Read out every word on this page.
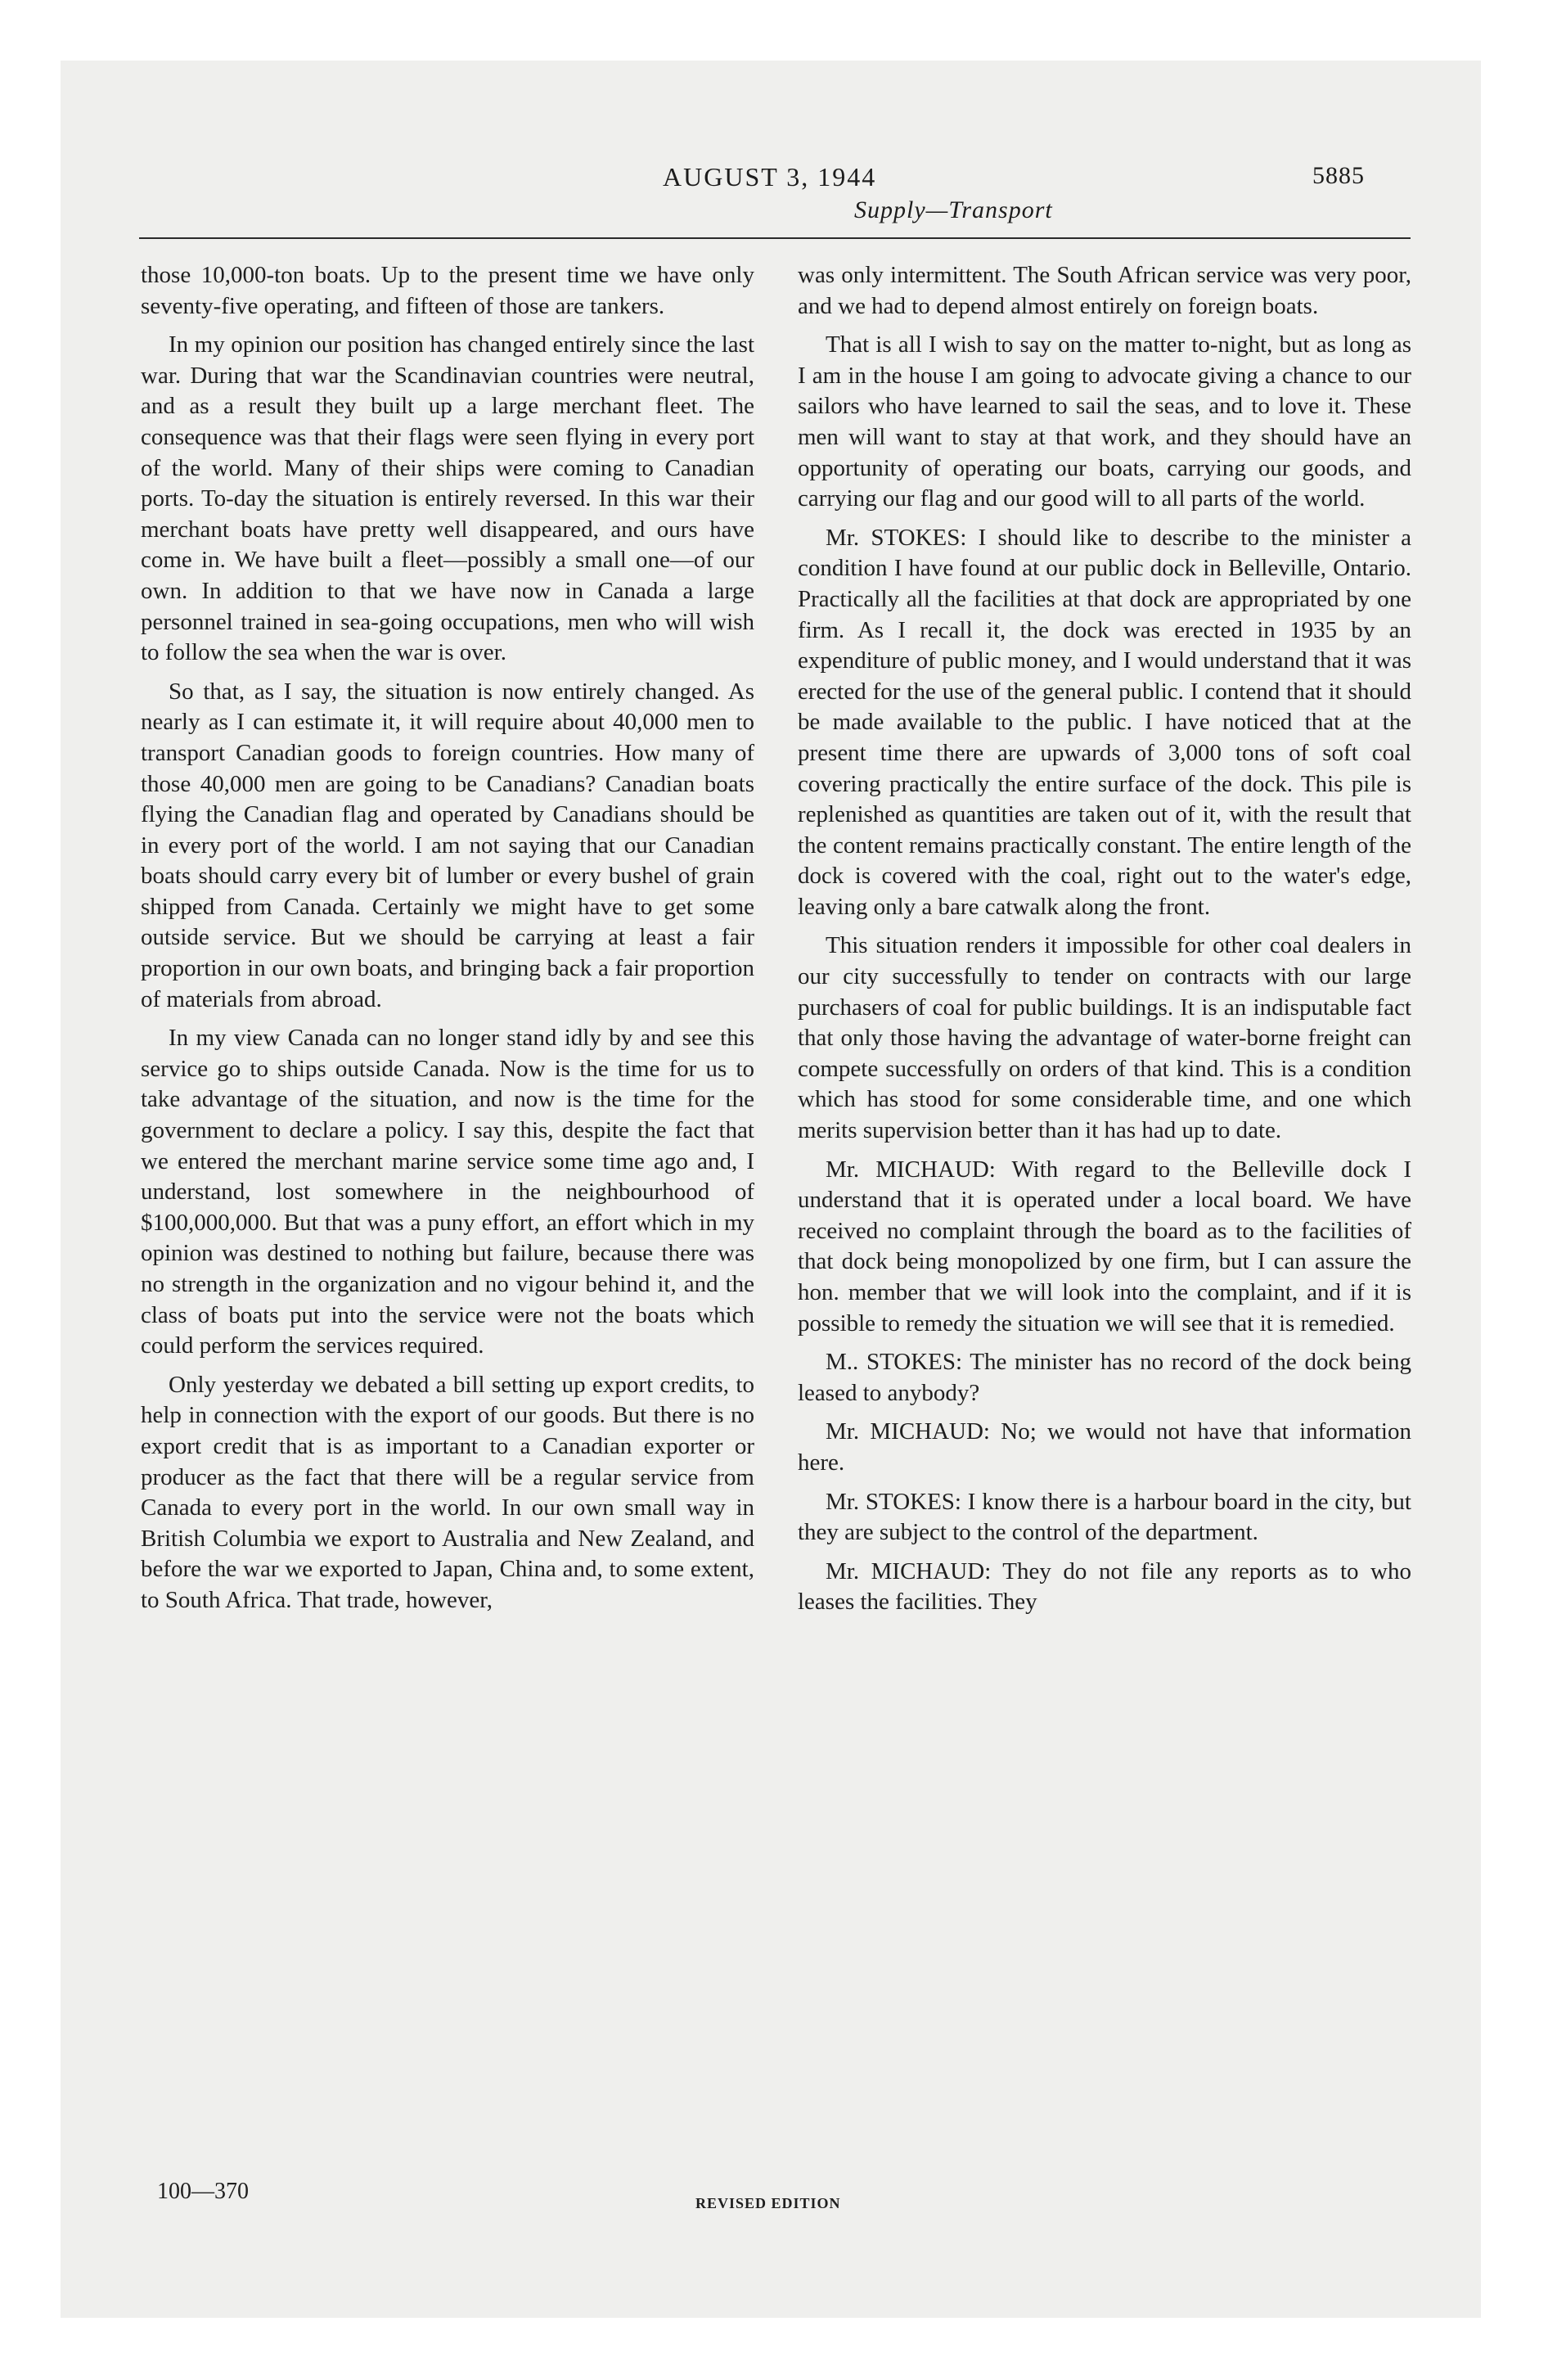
AUGUST 3, 1944	5885
Supply—Transport

those 10,000-ton boats. Up to the present time we have only seventy-five operating, and fifteen of those are tankers.

In my opinion our position has changed entirely since the last war. During that war the Scandinavian countries were neutral, and as a result they built up a large merchant fleet. The consequence was that their flags were seen flying in every port of the world. Many of their ships were coming to Canadian ports. To-day the situation is entirely reversed. In this war their merchant boats have pretty well disappeared, and ours have come in. We have built a fleet—possibly a small one—of our own. In addition to that we have now in Canada a large personnel trained in sea-going occupations, men who will wish to follow the sea when the war is over.

So that, as I say, the situation is now entirely changed. As nearly as I can estimate it, it will require about 40,000 men to transport Canadian goods to foreign countries. How many of those 40,000 men are going to be Canadians? Canadian boats flying the Canadian flag and operated by Canadians should be in every port of the world. I am not saying that our Canadian boats should carry every bit of lumber or every bushel of grain shipped from Canada. Certainly we might have to get some outside service. But we should be carrying at least a fair proportion in our own boats, and bringing back a fair proportion of materials from abroad.

In my view Canada can no longer stand idly by and see this service go to ships outside Canada. Now is the time for us to take advantage of the situation, and now is the time for the government to declare a policy. I say this, despite the fact that we entered the merchant marine service some time ago and, I understand, lost somewhere in the neighbourhood of $100,000,000. But that was a puny effort, an effort which in my opinion was destined to nothing but failure, because there was no strength in the organization and no vigour behind it, and the class of boats put into the service were not the boats which could perform the services required.

Only yesterday we debated a bill setting up export credits, to help in connection with the export of our goods. But there is no export credit that is as important to a Canadian exporter or producer as the fact that there will be a regular service from Canada to every port in the world. In our own small way in British Columbia we export to Australia and New Zealand, and before the war we exported to Japan, China and, to some extent, to South Africa. That trade, however,

was only intermittent. The South African service was very poor, and we had to depend almost entirely on foreign boats.

That is all I wish to say on the matter to-night, but as long as I am in the house I am going to advocate giving a chance to our sailors who have learned to sail the seas, and to love it. These men will want to stay at that work, and they should have an opportunity of operating our boats, carrying our goods, and carrying our flag and our good will to all parts of the world.

Mr. STOKES: I should like to describe to the minister a condition I have found at our public dock in Belleville, Ontario. Practically all the facilities at that dock are appropriated by one firm. As I recall it, the dock was erected in 1935 by an expenditure of public money, and I would understand that it was erected for the use of the general public. I contend that it should be made available to the public. I have noticed that at the present time there are upwards of 3,000 tons of soft coal covering practically the entire surface of the dock. This pile is replenished as quantities are taken out of it, with the result that the content remains practically constant. The entire length of the dock is covered with the coal, right out to the water's edge, leaving only a bare catwalk along the front.

This situation renders it impossible for other coal dealers in our city successfully to tender on contracts with our large purchasers of coal for public buildings. It is an indisputable fact that only those having the advantage of water-borne freight can compete successfully on orders of that kind. This is a condition which has stood for some considerable time, and one which merits supervision better than it has had up to date.

Mr. MICHAUD: With regard to the Belleville dock I understand that it is operated under a local board. We have received no complaint through the board as to the facilities of that dock being monopolized by one firm, but I can assure the hon. member that we will look into the complaint, and if it is possible to remedy the situation we will see that it is remedied.

M.. STOKES: The minister has no record of the dock being leased to anybody?

Mr. MICHAUD: No; we would not have that information here.

Mr. STOKES: I know there is a harbour board in the city, but they are subject to the control of the department.

Mr. MICHAUD: They do not file any reports as to who leases the facilities. They

100—370	REVISED EDITION
